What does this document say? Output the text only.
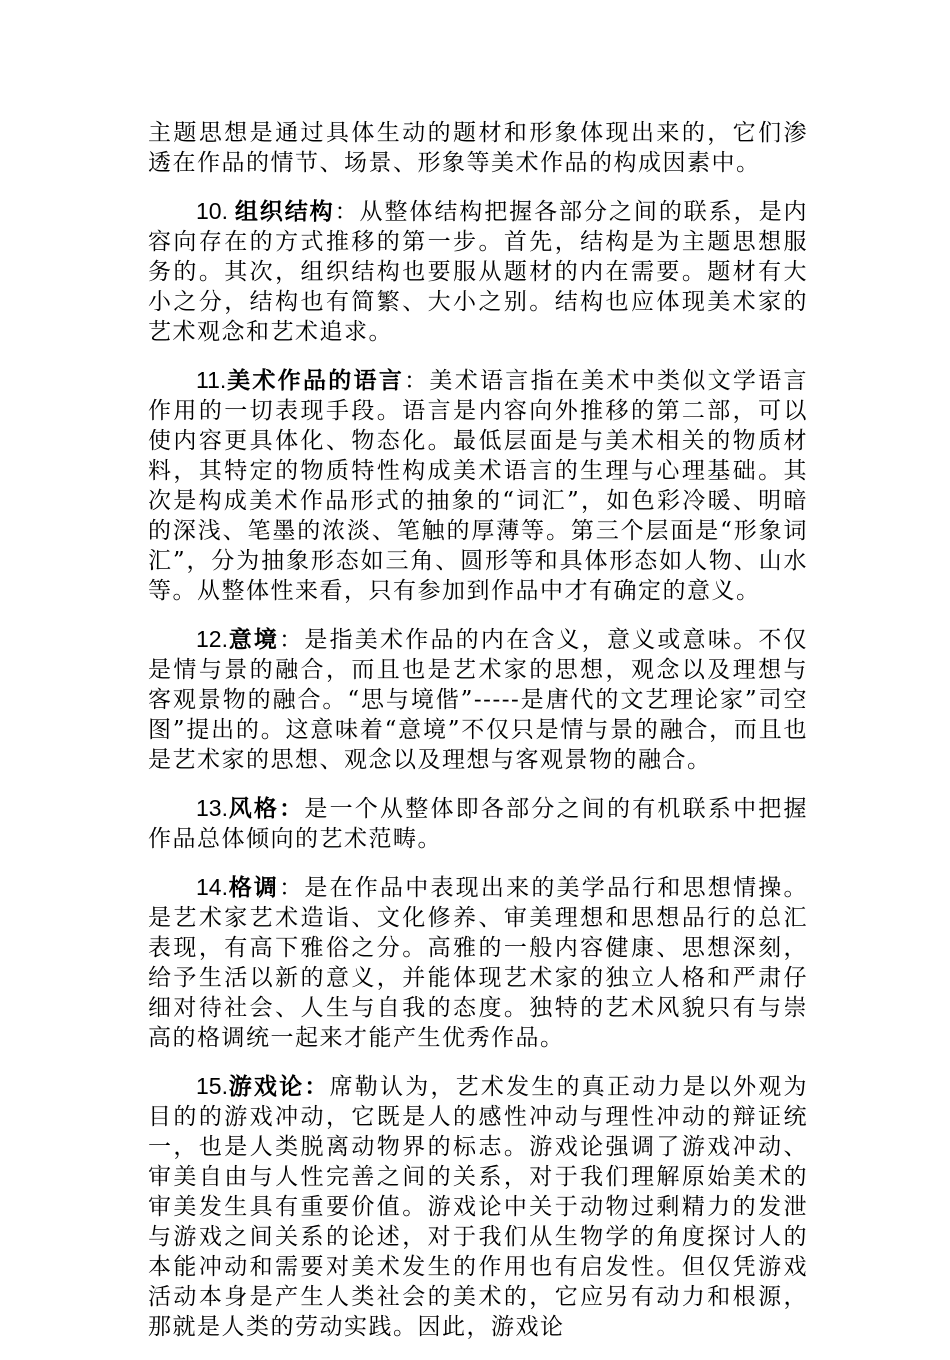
主题思想是通过具体生动的题材和形象体现出来的，它们渗透在作品的情节、场景、形象等美术作品的构成因素中。

10. 组织结构：从整体结构把握各部分之间的联系，是内容向存在的方式推移的第一步。首先，结构是为主题思想服务的。其次，组织结构也要服从题材的内在需要。题材有大小之分，结构也有简繁、大小之别。结构也应体现美术家的艺术观念和艺术追求。

11.美术作品的语言：美术语言指在美术中类似文学语言作用的一切表现手段。语言是内容向外推移的第二部，可以使内容更具体化、物态化。最低层面是与美术相关的物质材料，其特定的物质特性构成美术语言的生理与心理基础。其次是构成美术作品形式的抽象的“词汇”，如色彩冷暖、明暗的深浅、笔墨的浓淡、笔触的厚薄等。第三个层面是“形象词汇”，分为抽象形态如三角、圆形等和具体形态如人物、山水等。从整体性来看，只有参加到作品中才有确定的意义。

12.意境：是指美术作品的内在含义，意义或意味。不仅是情与景的融合，而且也是艺术家的思想，观念以及理想与客观景物的融合。“思与境偕”-----是唐代的文艺理论家”司空图”提出的。这意味着“意境”不仅只是情与景的融合，而且也是艺术家的思想、观念以及理想与客观景物的融合。

13.风格：是一个从整体即各部分之间的有机联系中把握作品总体倾向的艺术范畴。

14.格调：是在作品中表现出来的美学品行和思想情操。是艺术家艺术造诣、文化修养、审美理想和思想品行的总汇表现，有高下雅俗之分。高雅的一般内容健康、思想深刻，给予生活以新的意义，并能体现艺术家的独立人格和严肃仔细对待社会、人生与自我的态度。独特的艺术风貌只有与崇高的格调统一起来才能产生优秀作品。

15.游戏论：席勒认为，艺术发生的真正动力是以外观为目的的游戏冲动，它既是人的感性冲动与理性冲动的辩证统一，也是人类脱离动物界的标志。游戏论强调了游戏冲动、审美自由与人性完善之间的关系，对于我们理解原始美术的审美发生具有重要价值。游戏论中关于动物过剩精力的发泄与游戏之间关系的论述，对于我们从生物学的角度探讨人的本能冲动和需要对美术发生的作用也有启发性。但仅凭游戏活动本身是产生人类社会的美术的，它应另有动力和根源，那就是人类的劳动实践。因此，游戏论
